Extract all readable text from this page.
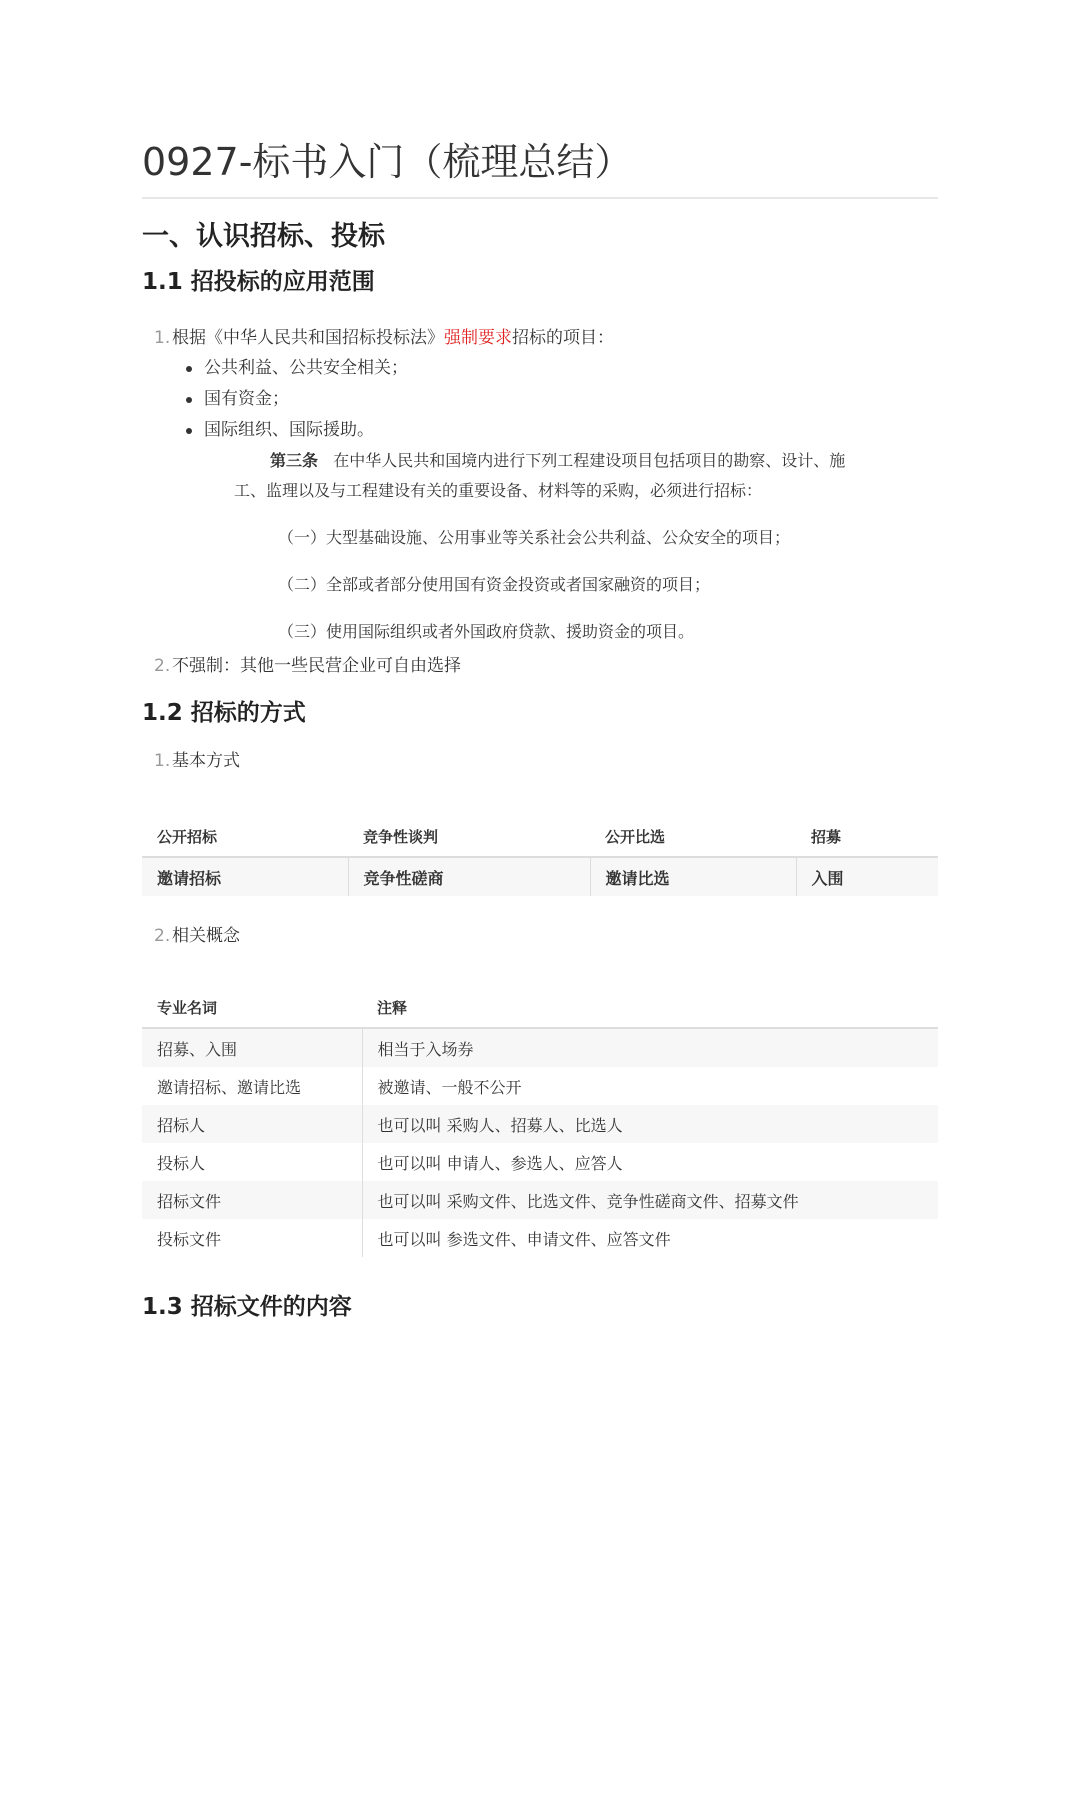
0927-标书入门（梳理总结）
一、认识招标、投标
1.1 招投标的应用范围

1. 根据《中华人民共和国招标投标法》强制要求招标的项目：

公共利益、公共安全相关；
国有资金；
国际组织、国际援助。

第三条 在中华人民共和国境内进行下列工程建设项目包括项目的勘察、设计、施

工、监理以及与工程建设有关的重要设备、材料等的采购，必须进行招标：

（一）大型基础设施、公用事业等关系社会公共利益、公众安全的项目；

（二）全部或者部分使用国有资金投资或者国家融资的项目；

（三）使用国际组织或者外国政府贷款、援助资金的项目。

2. 不强制：其他一些民营企业可自由选择

1.2 招标的方式

1. 基本方式

公开招标	竞争性谈判	公开比选	招募
邀请招标	竞争性磋商	邀请比选	入围

2. 相关概念

专业名词	注释
招募、入围	相当于入场券
邀请招标、邀请比选	被邀请、一般不公开
招标人	也可以叫 采购人、招募人、比选人
投标人	也可以叫 申请人、参选人、应答人
招标文件	也可以叫 采购文件、比选文件、竞争性磋商文件、招募文件
投标文件	也可以叫 参选文件、申请文件、应答文件
1.3 招标文件的内容
